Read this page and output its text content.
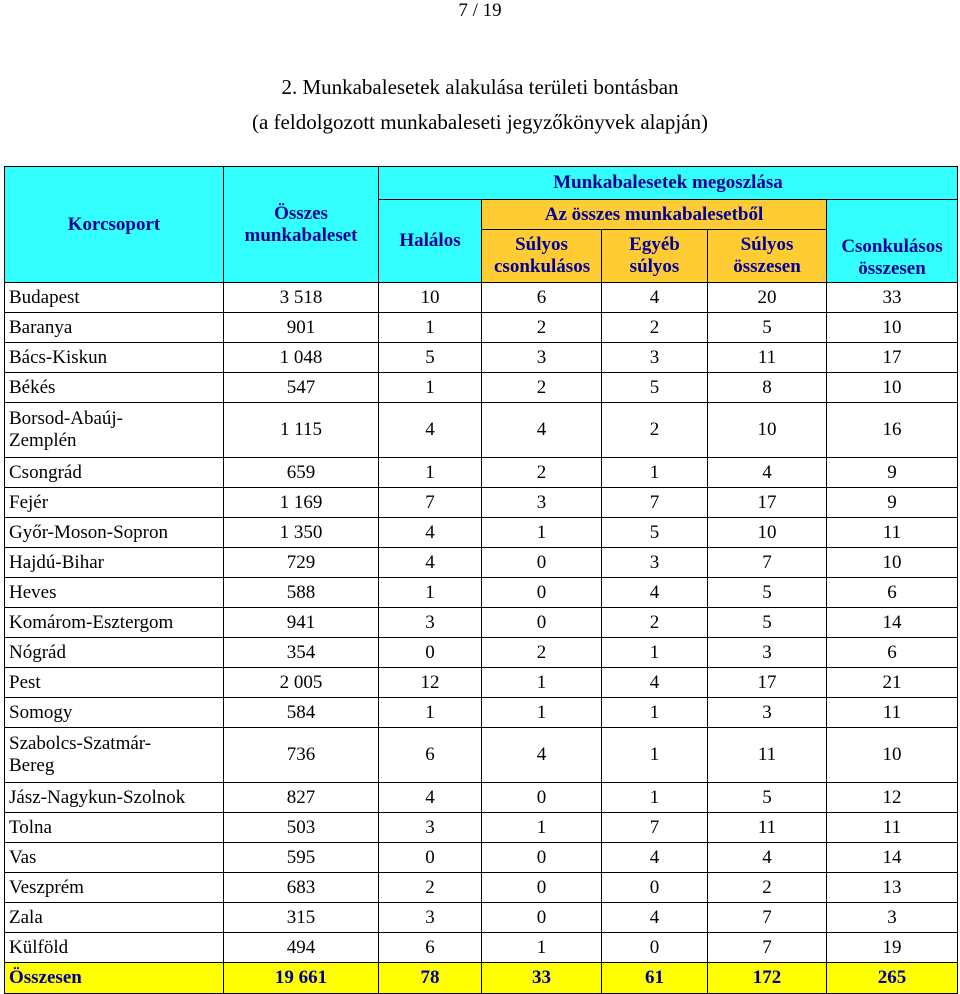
7 / 19
2. Munkabalesetek alakulása területi bontásban
(a feldolgozott munkabaleseti jegyzőkönyvek alapján)
Korcsoport	Összes munkabaleset	Munkabalesetek megoszlása				
		Halálos	Az összes munkabalesetből			Csonkulásos összesen
			Súlyos csonkulásos	Egyéb súlyos	Súlyos összesen	
Budapest	3 518	10	6	4	20	33
Baranya	901	1	2	2	5	10
Bács-Kiskun	1 048	5	3	3	11	17
Békés	547	1	2	5	8	10
Borsod-Abaúj-
Zemplén	1 115	4	4	2	10	16
Csongrád	659	1	2	1	4	9
Fejér	1 169	7	3	7	17	9
Győr-Moson-Sopron	1 350	4	1	5	10	11
Hajdú-Bihar	729	4	0	3	7	10
Heves	588	1	0	4	5	6
Komárom-Esztergom	941	3	0	2	5	14
Nógrád	354	0	2	1	3	6
Pest	2 005	12	1	4	17	21
Somogy	584	1	1	1	3	11
Szabolcs-Szatmár-
Bereg	736	6	4	1	11	10
Jász-Nagykun-Szolnok	827	4	0	1	5	12
Tolna	503	3	1	7	11	11
Vas	595	0	0	4	4	14
Veszprém	683	2	0	0	2	13
Zala	315	3	0	4	7	3
Külföld	494	6	1	0	7	19
Összesen	19 661	78	33	61	172	265
